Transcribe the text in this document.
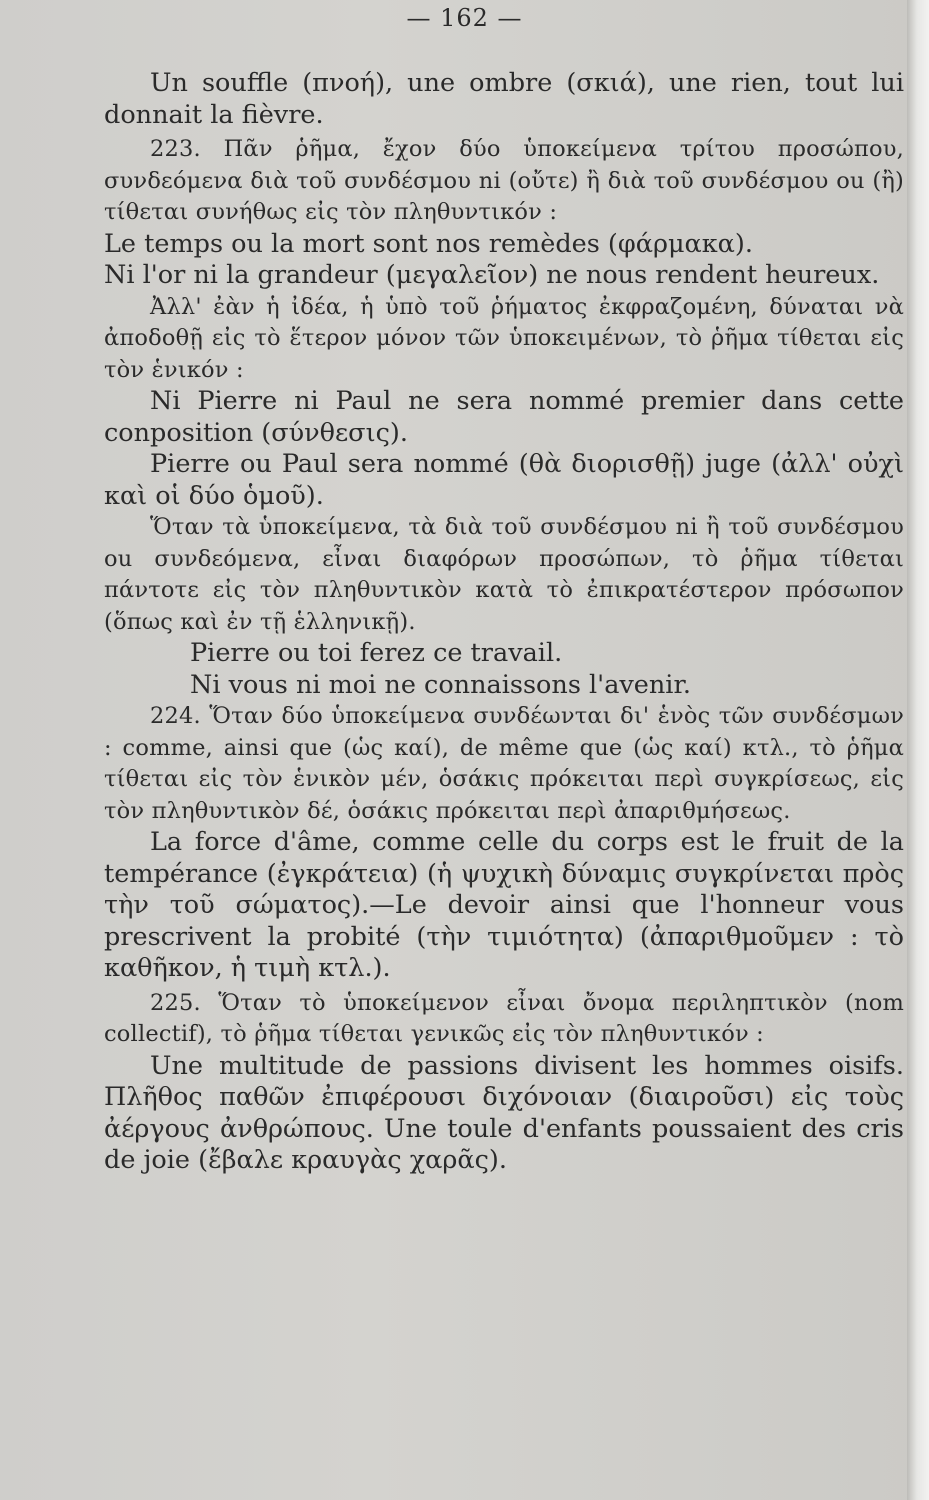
— 162 —

Un souffle (πνοή), une ombre (σκιά), une rien, tout lui donnait la fièvre.

223. Πᾶν ῥῆμα, ἔχον δύο ὑποκείμενα τρίτου προσώπου, συνδεόμενα διὰ τοῦ συνδέσμου ni (οὔτε) ἢ διὰ τοῦ συνδέσμου ou (ἢ) τίθεται συνήθως εἰς τὸν πληθυντικόν :

Le temps ou la mort sont nos remèdes (φάρμακα).

Ni l'or ni la grandeur (μεγαλεῖον) ne nous rendent heureux.

Ἀλλ' ἐὰν ἡ ἰδέα, ἡ ὑπὸ τοῦ ῥήματος ἐκφραζομένη, δύναται νὰ ἀποδοθῇ εἰς τὸ ἕτερον μόνον τῶν ὑποκειμένων, τὸ ῥῆμα τίθεται εἰς τὸν ἑνικόν :

Ni Pierre ni Paul ne sera nommé premier dans cette conposition (σύνθεσις).

Pierre ou Paul sera nommé (θὰ διορισθῇ) juge (ἀλλ' οὐχὶ καὶ οἱ δύο ὁμοῦ).

Ὅταν τὰ ὑποκείμενα, τὰ διὰ τοῦ συνδέσμου ni ἢ τοῦ συνδέσμου ou συνδεόμενα, εἶναι διαφόρων προσώπων, τὸ ῥῆμα τίθεται πάντοτε εἰς τὸν πληθυντικὸν κατὰ τὸ ἐπικρατέστερον πρόσωπον (ὅπως καὶ ἐν τῇ ἑλληνικῇ).

Pierre ou toi ferez ce travail.

Ni vous ni moi ne connaissons l'avenir.

224. Ὅταν δύο ὑποκείμενα συνδέωνται δι' ἑνὸς τῶν συνδέσμων : comme, ainsi que (ὡς καί), de même que (ὡς καί) κτλ., τὸ ῥῆμα τίθεται εἰς τὸν ἑνικὸν μέν, ὁσάκις πρόκειται περὶ συγκρίσεως, εἰς τὸν πληθυντικὸν δέ, ὁσάκις πρόκειται περὶ ἀπαριθμήσεως.

La force d'âme, comme celle du corps est le fruit de la tempérance (ἐγκράτεια) (ἡ ψυχικὴ δύναμις συγκρίνεται πρὸς τὴν τοῦ σώματος).—Le devoir ainsi que l'honneur vous prescrivent la probité (τὴν τιμιότητα) (ἀπαριθμοῦμεν : τὸ καθῆκον, ἡ τιμὴ κτλ.).

225. Ὅταν τὸ ὑποκείμενον εἶναι ὄνομα περιληπτικὸν (nom collectif), τὸ ῥῆμα τίθεται γενικῶς εἰς τὸν πληθυντικόν :

Une multitude de passions divisent les hommes oisifs. Πλῆθος παθῶν ἐπιφέρουσι διχόνοιαν (διαιροῦσι) εἰς τοὺς ἀέργους ἀνθρώπους. Une toule d'enfants poussaient des cris de joie (ἔβαλε κραυγὰς χαρᾶς).
